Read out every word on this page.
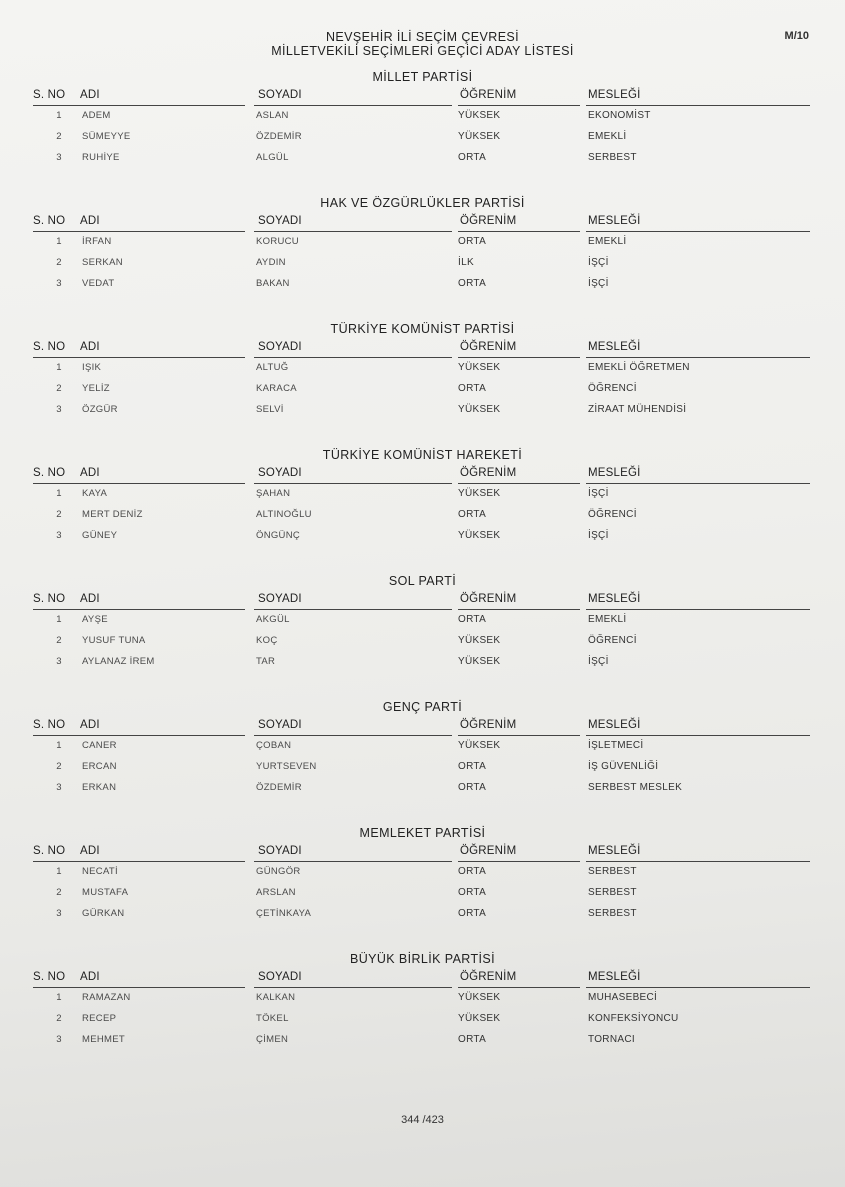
M/10
NEVŞEHİR İLİ SEÇİM ÇEVRESİ
MİLLETVEKİLİ SEÇİMLERİ GEÇİCİ ADAY LİSTESİ
MİLLET PARTİSİ
S. NO ADI	SOYADI	ÖĞRENİM	MESLEĞİ
1	ADEM	ASLAN	YÜKSEK	EKONOMİST
2	SÜMEYYE	ÖZDEMİR	YÜKSEK	EMEKLİ
3	RUHİYE	ALGÜL	ORTA	SERBEST
HAK VE ÖZGÜRLÜKLER PARTİSİ
S. NO ADI	SOYADI	ÖĞRENİM	MESLEĞİ
1	İRFAN	KORUCU	ORTA	EMEKLİ
2	SERKAN	AYDIN	İLK	İŞÇİ
3	VEDAT	BAKAN	ORTA	İŞÇİ
TÜRKİYE KOMÜNİST PARTİSİ
S. NO ADI	SOYADI	ÖĞRENİM	MESLEĞİ
1	IŞIK	ALTUĞ	YÜKSEK	EMEKLİ ÖĞRETMEN
2	YELİZ	KARACA	ORTA	ÖĞRENCİ
3	ÖZGÜR	SELVİ	YÜKSEK	ZİRAAT MÜHENDİSİ
TÜRKİYE KOMÜNİST HAREKETİ
S. NO ADI	SOYADI	ÖĞRENİM	MESLEĞİ
1	KAYA	ŞAHAN	YÜKSEK	İŞÇİ
2	MERT DENİZ	ALTINOĞLU	ORTA	ÖĞRENCİ
3	GÜNEY	ÖNGÜNÇ	YÜKSEK	İŞÇİ
SOL PARTİ
S. NO ADI	SOYADI	ÖĞRENİM	MESLEĞİ
1	AYŞE	AKGÜL	ORTA	EMEKLİ
2	YUSUF TUNA	KOÇ	YÜKSEK	ÖĞRENCİ
3	AYLANAZ İREM	TAR	YÜKSEK	İŞÇİ
GENÇ PARTİ
S. NO ADI	SOYADI	ÖĞRENİM	MESLEĞİ
1	CANER	ÇOBAN	YÜKSEK	İŞLETMECİ
2	ERCAN	YURTSEVEN	ORTA	İŞ GÜVENLİĞİ
3	ERKAN	ÖZDEMİR	ORTA	SERBEST MESLEK
MEMLEKET PARTİSİ
S. NO ADI	SOYADI	ÖĞRENİM	MESLEĞİ
1	NECATİ	GÜNGÖR	ORTA	SERBEST
2	MUSTAFA	ARSLAN	ORTA	SERBEST
3	GÜRKAN	ÇETİNKAYA	ORTA	SERBEST
BÜYÜK BİRLİK PARTİSİ
S. NO ADI	SOYADI	ÖĞRENİM	MESLEĞİ
1	RAMAZAN	KALKAN	YÜKSEK	MUHASEBECİ
2	RECEP	TÖKEL	YÜKSEK	KONFEKSİYONCU
3	MEHMET	ÇİMEN	ORTA	TORNACI
344 /423
